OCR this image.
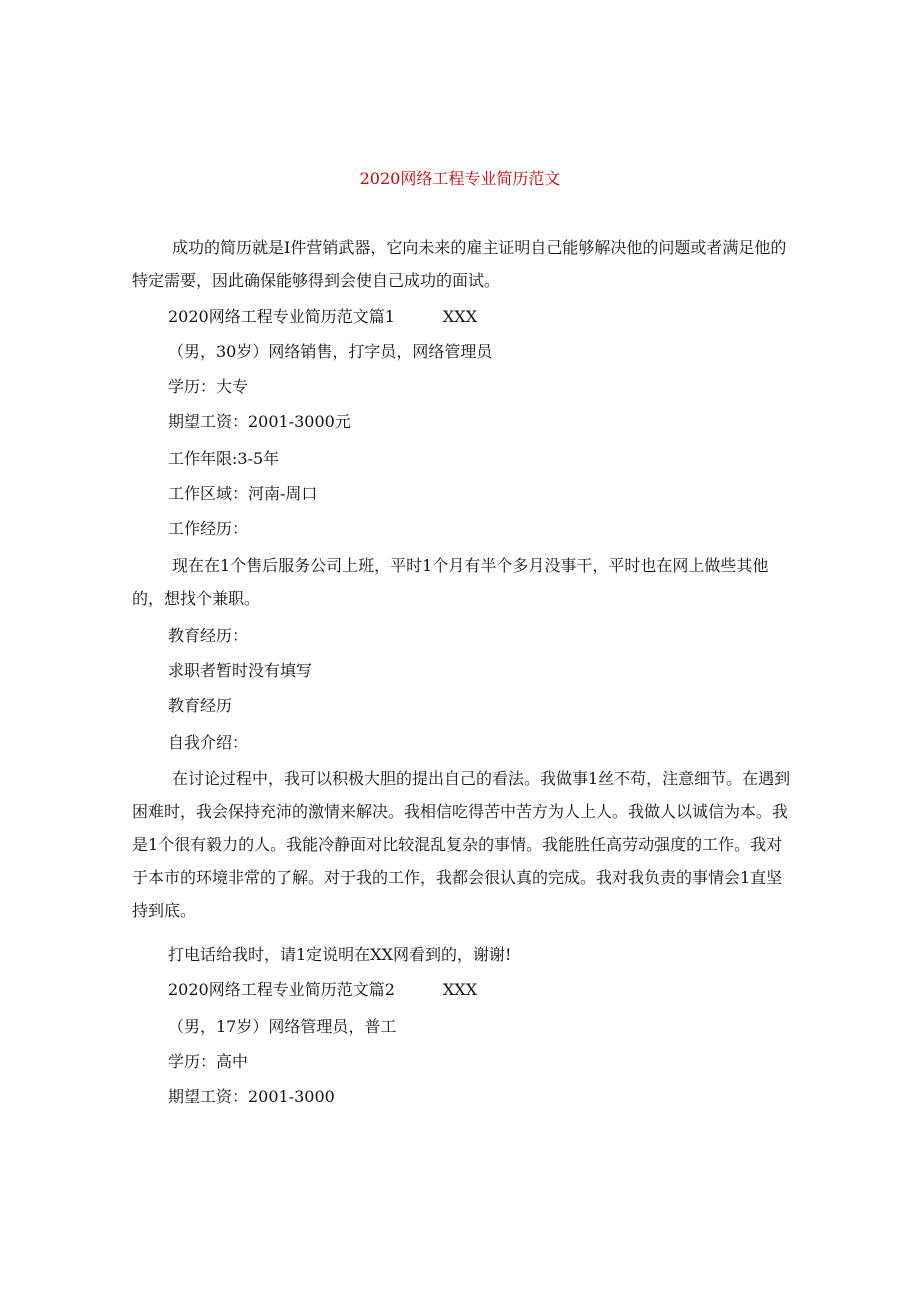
2020网络工程专业简历范文

成功的简历就是Ⅰ件营销武器，它向未来的雇主证明自己能够解决他的问题或者满足他的特定需要，因此确保能够得到会使自己成功的面试。

2020网络工程专业简历范文篇1	XXX
（男，30岁）网络销售，打字员，网络管理员
学历：大专
期望工资：2001-3000元
工作年限:3-5年
工作区域：河南-周口
工作经历：

现在在1个售后服务公司上班，平时1个月有半个多月没事干，平时也在网上做些其他的，想找个兼职。

教育经历：
求职者暂时没有填写
教育经历
自我介绍：

在讨论过程中，我可以积极大胆的提出自己的看法。我做事1丝不苟，注意细节。在遇到困难时，我会保持充沛的激情来解决。我相信吃得苦中苦方为人上人。我做人以诚信为本。我是1个很有毅力的人。我能冷静面对比较混乱复杂的事情。我能胜任高劳动强度的工作。我对于本市的环境非常的了解。对于我的工作，我都会很认真的完成。我对我负责的事情会1直坚持到底。

打电话给我时，请1定说明在XX网看到的，谢谢!
2020网络工程专业简历范文篇2	XXX
（男，17岁）网络管理员，普工
学历：高中
期望工资：2001-3000
